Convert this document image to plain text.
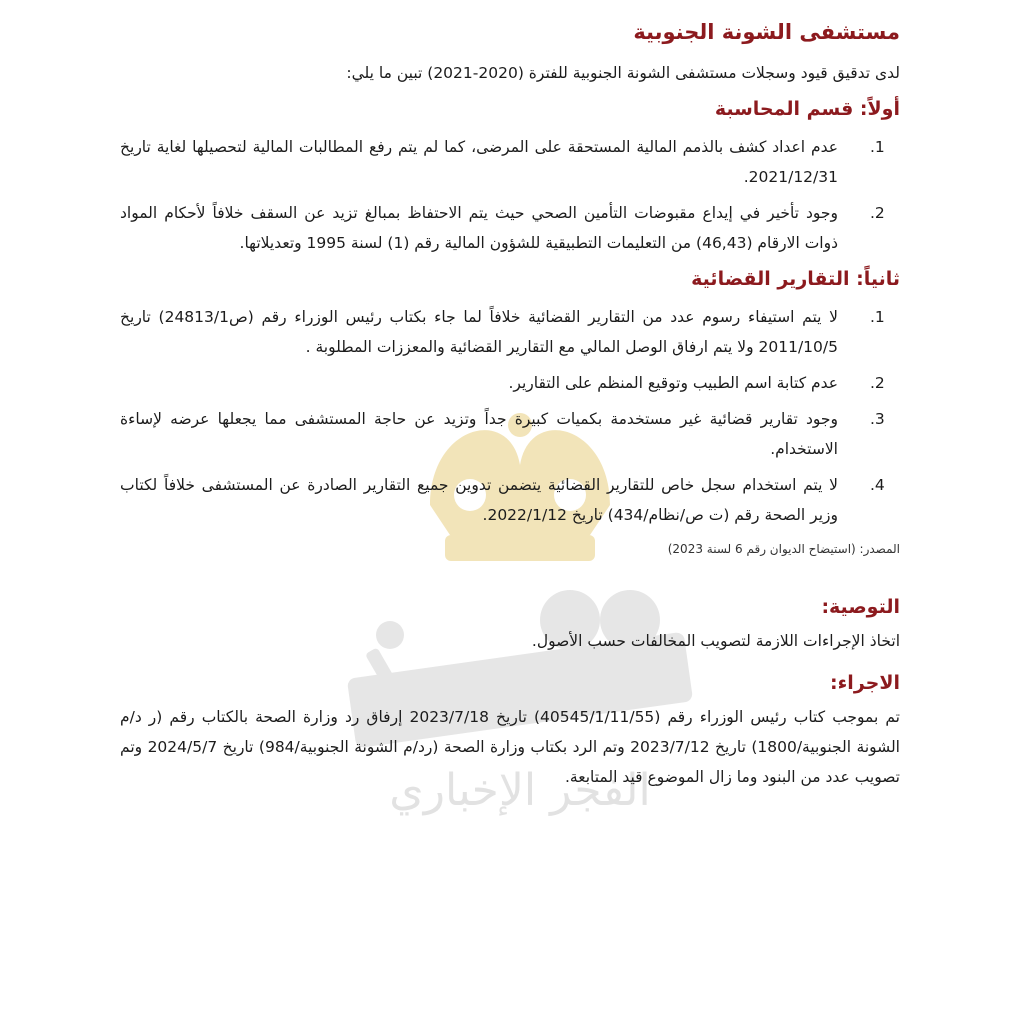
الفجر الإخباري
مستشفى الشونة الجنوبية

لدى تدقيق قيود وسجلات مستشفى الشونة الجنوبية للفترة (2020-2021) تبين ما يلي:

أولاً: قسم المحاسبة
.1
عدم اعداد كشف بالذمم المالية المستحقة على المرضى، كما لم يتم رفع المطالبات المالية لتحصيلها لغاية تاريخ 2021/12/31.
.2
وجود تأخير في إيداع مقبوضات التأمين الصحي حيث يتم الاحتفاظ بمبالغ تزيد عن السقف خلافاً لأحكام المواد ذوات الارقام (46,43) من التعليمات التطبيقية للشؤون المالية رقم (1) لسنة 1995 وتعديلاتها.
ثانياً: التقارير القضائية
.1
لا يتم استيفاء رسوم عدد من التقارير القضائية خلافاً لما جاء بكتاب رئيس الوزراء رقم (ص24813/1) تاريخ 2011/10/5 ولا يتم ارفاق الوصل المالي مع التقارير القضائية والمعززات المطلوبة .
.2
عدم كتابة اسم الطبيب وتوقيع المنظم على التقارير.
.3
وجود تقارير قضائية غير مستخدمة بكميات كبيرة جداً وتزيد عن حاجة المستشفى مما يجعلها عرضه لإساءة الاستخدام.
.4
لا يتم استخدام سجل خاص للتقارير القضائية يتضمن تدوين جميع التقارير الصادرة عن المستشفى خلافاً لكتاب وزير الصحة رقم (ت ص/نظام/434) تاريخ 2022/1/12.

المصدر: (استيضاح الديوان رقم 6 لسنة 2023)

التوصية:

اتخاذ الإجراءات اللازمة لتصويب المخالفات حسب الأصول.

الاجراء:

تم بموجب كتاب رئيس الوزراء رقم (40545/1/11/55) تاريخ 2023/7/18 إرفاق رد وزارة الصحة بالكتاب رقم (ر د/م الشونة الجنوبية/1800) تاريخ 2023/7/12 وتم الرد بكتاب وزارة الصحة (رد/م الشونة الجنوبية/984) تاريخ 2024/5/7 وتم تصويب عدد من البنود وما زال الموضوع قيد المتابعة.
